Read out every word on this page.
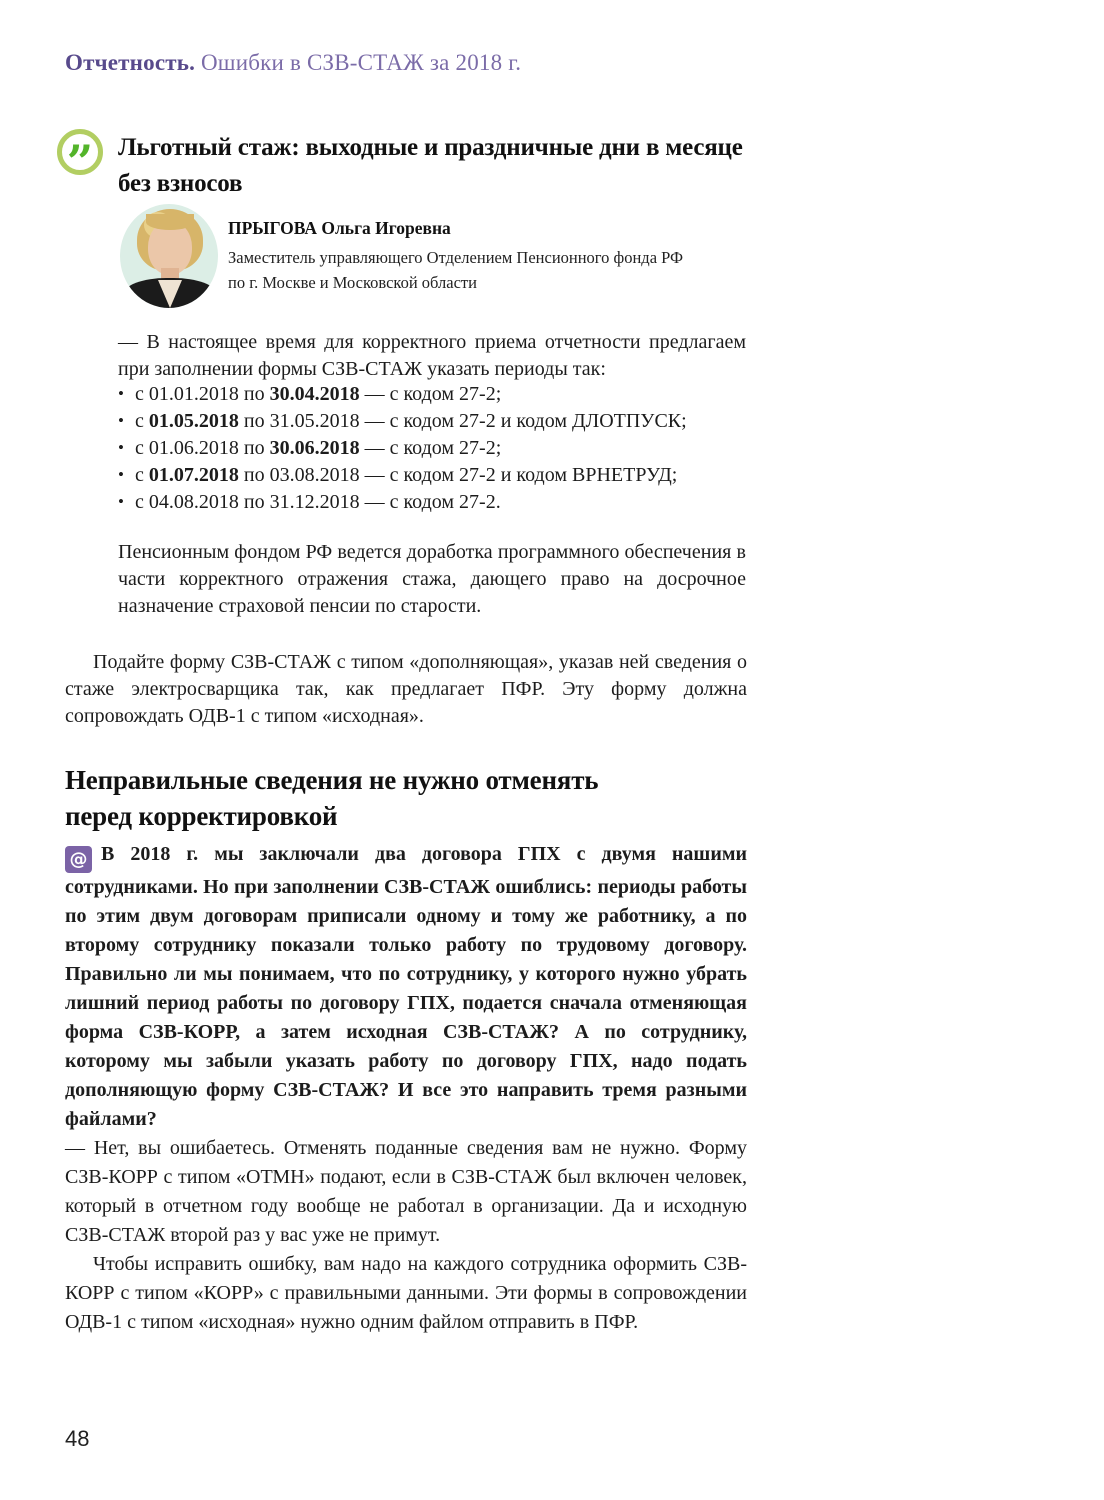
Отчетность. Ошибки в СЗВ-СТАЖ за 2018 г.
” Льготный стаж: выходные и праздничные дни в месяце
без взносов
ПРЫГОВА Ольга Игоревна
Заместитель управляющего Отделением Пенсионного фонда РФ
по г. Москве и Московской области

— В настоящее время для корректного приема отчетности предлагаем при заполнении формы СЗВ-СТАЖ указать периоды так:

• с 01.01.2018 по 30.04.2018 — с кодом 27-2;
• с 01.05.2018 по 31.05.2018 — с кодом 27-2 и кодом ДЛОТПУСК;
• с 01.06.2018 по 30.06.2018 — с кодом 27-2;
• с 01.07.2018 по 03.08.2018 — с кодом 27-2 и кодом ВРНЕТРУД;
• с 04.08.2018 по 31.12.2018 — с кодом 27-2.

Пенсионным фондом РФ ведется доработка программного обеспечения в части корректного отражения стажа, дающего право на досрочное назначение страховой пенсии по старости.

Подайте форму СЗВ-СТАЖ с типом «дополняющая», указав ней сведения о стаже электросварщика так, как предлагает ПФР. Эту форму должна сопровождать ОДВ-1 с типом «исходная».

Неправильные сведения не нужно отменять
перед корректировкой

@ В 2018 г. мы заключали два договора ГПХ с двумя нашими сотрудниками. Но при заполнении СЗВ-СТАЖ ошиблись: периоды работы по этим двум договорам приписали одному и тому же работнику, а по второму сотруднику показали только работу по трудовому договору. Правильно ли мы понимаем, что по сотруднику, у которого нужно убрать лишний период работы по договору ГПХ, подается сначала отменяющая форма СЗВ-КОРР, а затем исходная СЗВ-СТАЖ? А по сотруднику, которому мы забыли указать работу по договору ГПХ, надо подать дополняющую форму СЗВ-СТАЖ? И все это направить тремя разными файлами?

— Нет, вы ошибаетесь. Отменять поданные сведения вам не нужно. Форму СЗВ-КОРР с типом «ОТМН» подают, если в СЗВ-СТАЖ был включен человек, который в отчетном году вообще не работал в организации. Да и исходную СЗВ-СТАЖ второй раз у вас уже не примут.

Чтобы исправить ошибку, вам надо на каждого сотрудника оформить СЗВ-КОРР с типом «КОРР» с правильными данными. Эти формы в сопровождении ОДВ-1 с типом «исходная» нужно одним файлом отправить в ПФР.

48
